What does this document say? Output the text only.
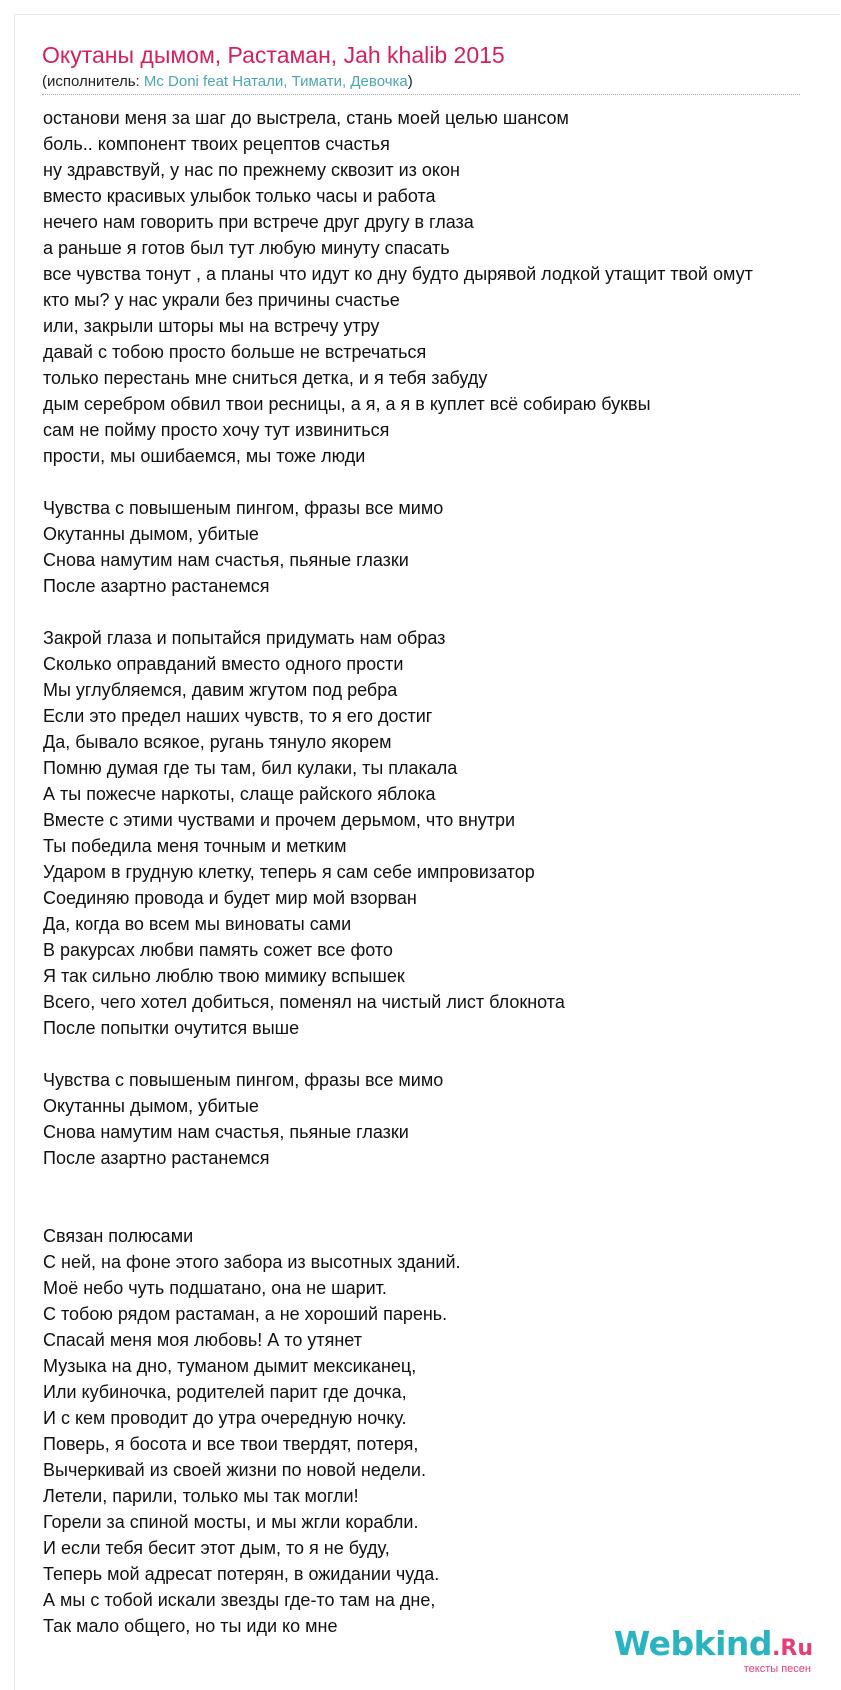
Окутаны дымом, Растаман, Jah khalib 2015
(исполнитель: Mc Doni feat Натали, Тимати, Девочка)
останови меня за шаг до выстрела, стань моей целью шансом
боль.. компонент твоих рецептов счастья
ну здравствуй, у нас по прежнему сквозит из окон
вместо красивых улыбок только часы и работа
нечего нам говорить при встрече друг другу в глаза
а раньше я готов был тут любую минуту спасать
все чувства тонут , а планы что идут ко дну будто дырявой лодкой утащит твой омут
кто мы? у нас украли без причины счастье
или, закрыли шторы мы на встречу утру
давай с тобою просто больше не встречаться
только перестань мне сниться детка, и я тебя забуду
дым серебром обвил твои ресницы, а я, а я в куплет всё собираю буквы
сам не пойму просто хочу тут извиниться
прости, мы ошибаемся, мы тоже люди
Чувства с повышеным пингом, фразы все мимо
Окутанны дымом, убитые
Снова намутим нам счастья, пьяные глазки
После азартно растанемся
Закрой глаза и попытайся придумать нам образ
Сколько оправданий вместо одного прости
Мы углубляемся, давим жгутом под ребра
Если это предел наших чувств, то я его достиг
Да, бывало всякое, ругань тянуло якорем
Помню думая где ты там, бил кулаки, ты плакала
А ты пожесче наркоты, слаще райского яблока
Вместе с этими чуствами и прочем дерьмом, что внутри
Ты победила меня точным и метким
Ударом в грудную клетку, теперь я сам себе импровизатор
Соединяю провода и будет мир мой взорван
Да, когда во всем мы виноваты сами
В ракурсах любви память сожет все фото
Я так сильно люблю твою мимику вспышек
Всего, чего хотел добиться, поменял на чистый лист блокнота
После попытки очутится выше
Чувства с повышеным пингом, фразы все мимо
Окутанны дымом, убитые
Снова намутим нам счастья, пьяные глазки
После азартно растанемся
Связан полюсами
С ней, на фоне этого забора из высотных зданий.
Моё небо чуть подшатано, она не шарит.
С тобою рядом растаман, а не хороший парень.
Спасай меня моя любовь! А то утянет
Музыка на дно, туманом дымит мексиканец,
Или кубиночка, родителей парит где дочка,
И с кем проводит до утра очередную ночку.
Поверь, я босота и все твои твердят, потеря,
Вычеркивай из своей жизни по новой недели.
Летели, парили, только мы так могли!
Горели за спиной мосты, и мы жгли корабли.
И если тебя бесит этот дым, то я не буду,
Теперь мой адресат потерян, в ожидании чуда.
А мы с тобой искали звезды где-то там на дне,
Так мало общего, но ты иди ко мне	Webkind.Ru
тексты песен
